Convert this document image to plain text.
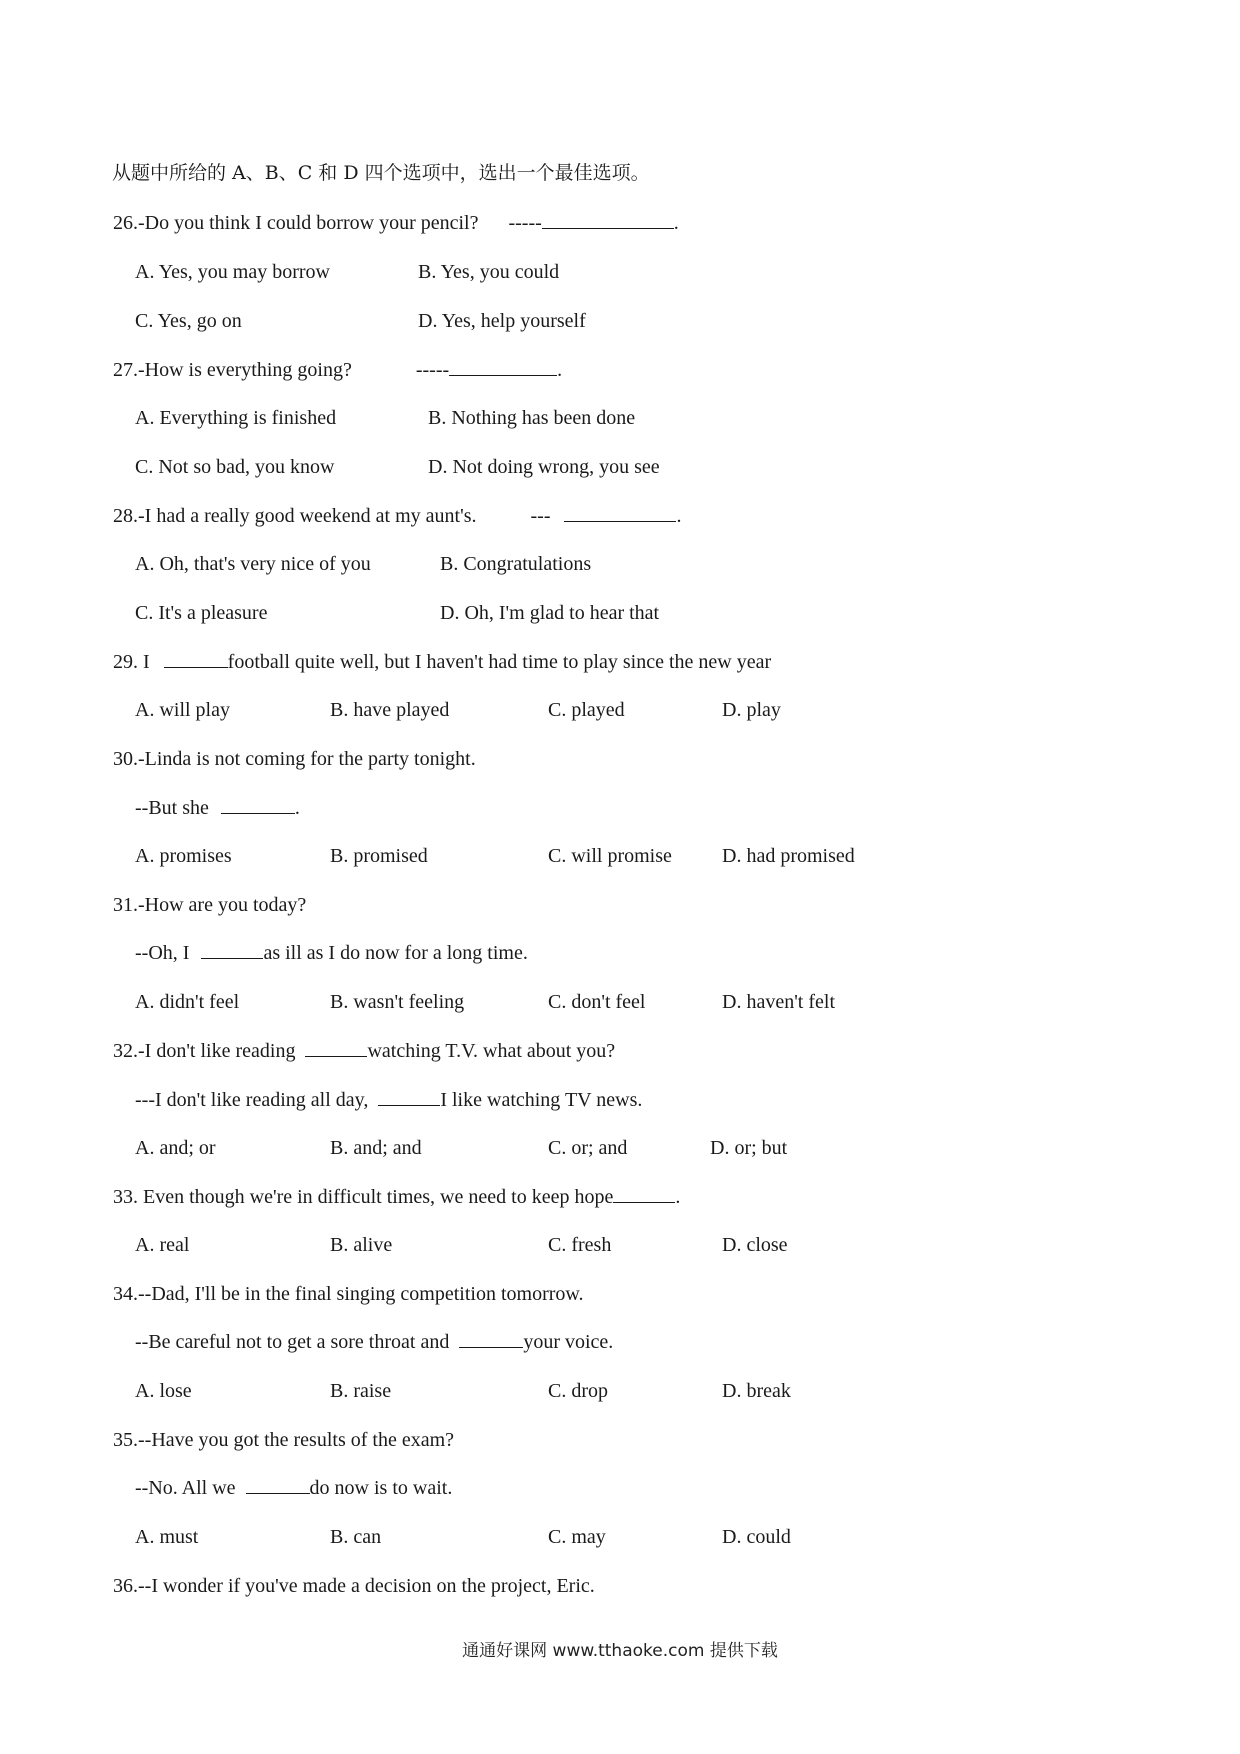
从题中所给的 A、B、C 和 D 四个选项中，选出一个最佳选项。
26.-Do you think I could borrow your pencil? -----	.
A. Yes, you may borrow	B. Yes, you could
C. Yes, go on	D. Yes, help yourself
27.-How is everything going?	-----	.
A. Everything is finished	B. Nothing has been done
C. Not so bad, you know	D. Not doing wrong, you see
28.-I had a really good weekend at my aunt's.	---	.
A. Oh, that's very nice of you	B. Congratulations
C. It's a pleasure	D. Oh, I'm glad to hear that
29. I	football quite well, but I haven't had time to play since the new year
A. will play	B. have played	C. played	D. play
30.-Linda is not coming for the party tonight.
--But she	.
A. promises	B. promised	C. will promise	D. had promised
31.-How are you today?
--Oh, I	as ill as I do now for a long time.
A. didn't feel	B. wasn't feeling	C. don't feel	D. haven't felt
32.-I don't like reading	watching T.V. what about you?
---I don't like reading all day,	I like watching TV news.
A. and; or	B. and; and	C. or; and	D. or; but
33. Even though we're in difficult times, we need to keep hope	.
A. real	B. alive	C. fresh	D. close
34.--Dad, I'll be in the final singing competition tomorrow.
--Be careful not to get a sore throat and	your voice.
A. lose	B. raise	C. drop	D. break
35.--Have you got the results of the exam?
--No. All we	do now is to wait.
A. must	B. can	C. may	D. could
36.--I wonder if you've made a decision on the project, Eric.
通通好课网 www.tthaoke.com 提供下载
